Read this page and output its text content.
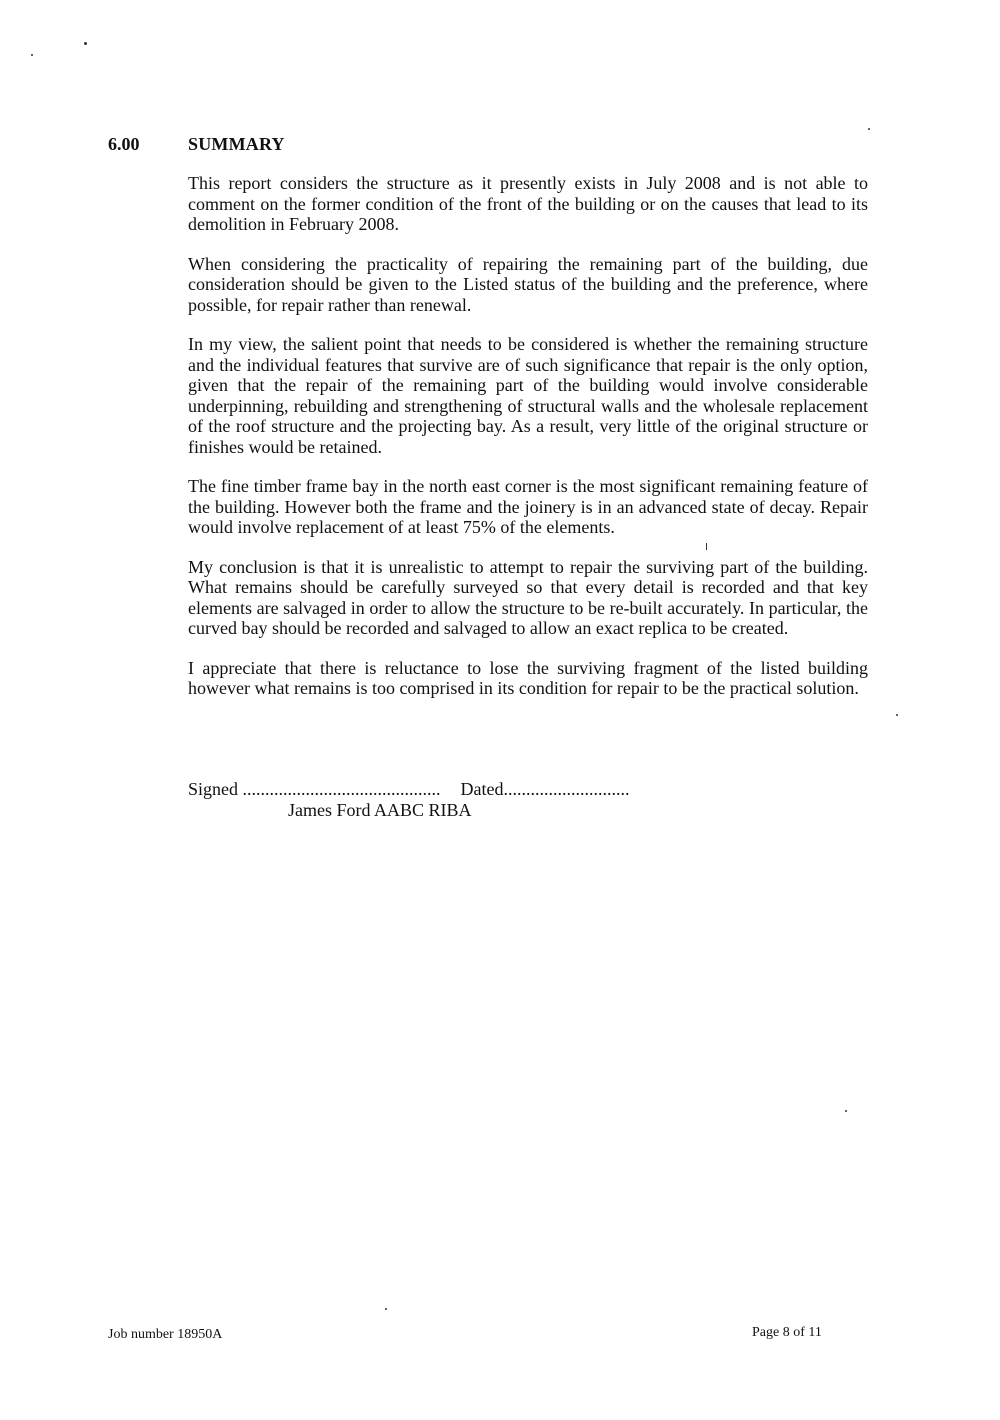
6.00	SUMMARY

This report considers the structure as it presently exists in July 2008 and is not able to comment on the former condition of the front of the building or on the causes that lead to its demolition in February 2008.

When considering the practicality of repairing the remaining part of the building, due consideration should be given to the Listed status of the building and the preference, where possible, for repair rather than renewal.

In my view, the salient point that needs to be considered is whether the remaining structure and the individual features that survive are of such significance that repair is the only option, given that the repair of the remaining part of the building would involve considerable underpinning, rebuilding and strengthening of structural walls and the wholesale replacement of the roof structure and the projecting bay. As a result, very little of the original structure or finishes would be retained.

The fine timber frame bay in the north east corner is the most significant remaining feature of the building. However both the frame and the joinery is in an advanced state of decay. Repair would involve replacement of at least 75% of the elements.

My conclusion is that it is unrealistic to attempt to repair the surviving part of the building. What remains should be carefully surveyed so that every detail is recorded and that key elements are salvaged in order to allow the structure to be re-built accurately. In particular, the curved bay should be recorded and salvaged to allow an exact replica to be created.

I appreciate that there is reluctance to lose the surviving fragment of the listed building however what remains is too comprised in its condition for repair to be the practical solution.

Signed ............................................ Dated............................
James Ford AABC RIBA
Job number 18950A	Page 8 of 11
